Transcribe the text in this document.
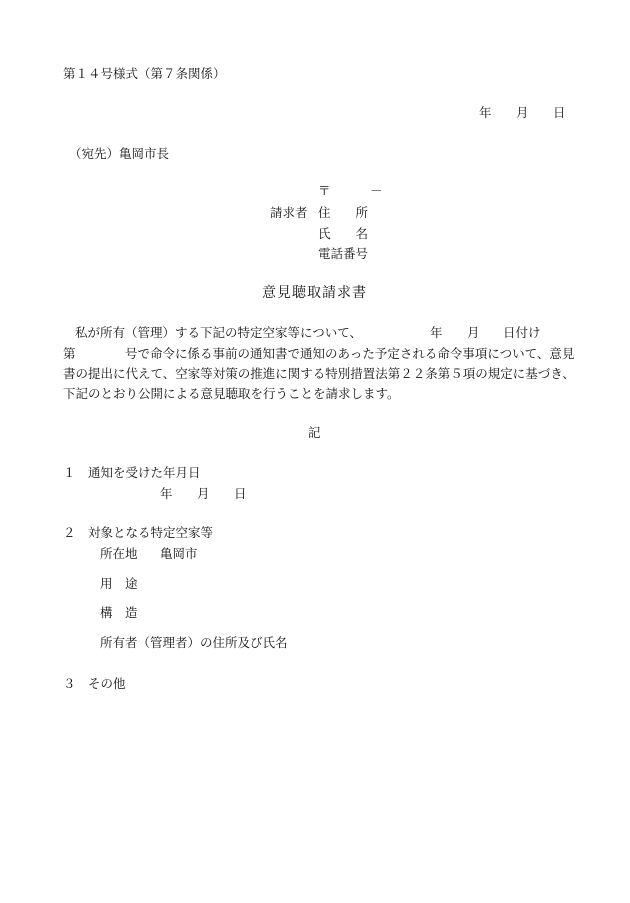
第１４号様式（第７条関係）
年 月 日
（宛先）亀岡市長
〒	－
請求者 住　　所
氏　　名
電話番号
意見聴取請求書
私が所有（管理）する下記の特定空家等について、	年 月 日付け
第	号で命令に係る事前の通知書で通知のあった予定される命令事項について、意見
書の提出に代えて、空家等対策の推進に関する特別措置法第２２条第５項の規定に基づき、
下記のとおり公開による意見聴取を行うことを請求します。
記
１ 通知を受けた年月日
年 月 日
２ 対象となる特定空家等
所在地 亀岡市
用　途
構　造
所有者（管理者）の住所及び氏名
３ その他
